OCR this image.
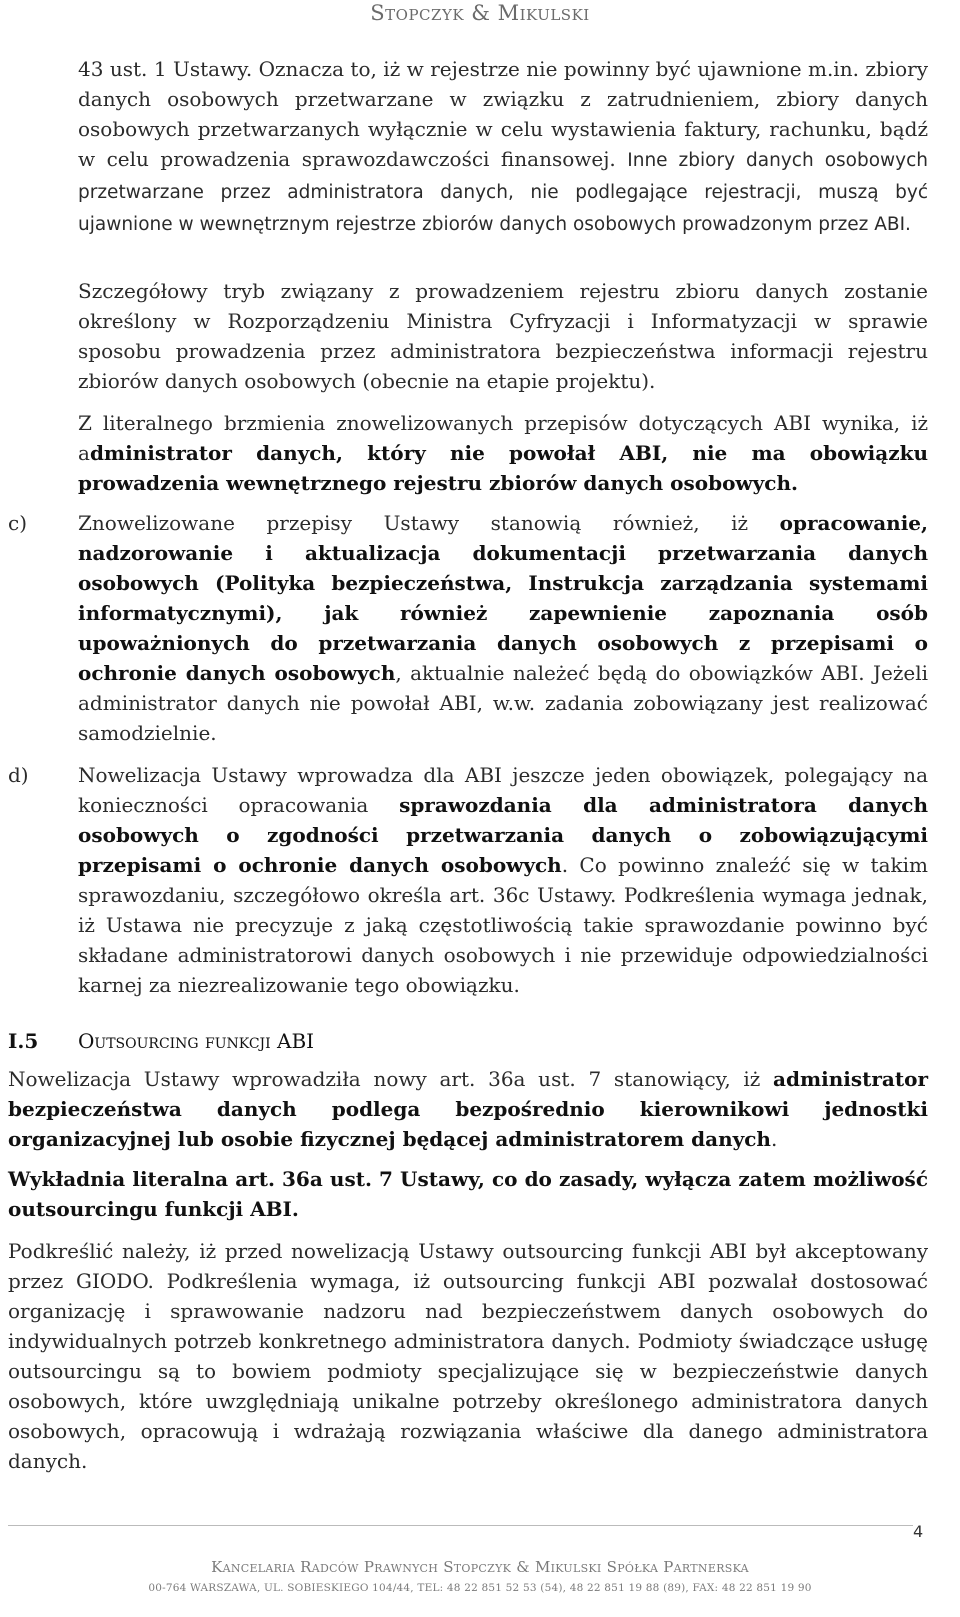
Stopczyk & Mikulski
43 ust. 1 Ustawy. Oznacza to, iż w rejestrze nie powinny być ujawnione m.in. zbiory danych osobowych przetwarzane w związku z zatrudnieniem, zbiory danych osobowych przetwarzanych wyłącznie w celu wystawienia faktury, rachunku, bądź w celu prowadzenia sprawozdawczości finansowej. Inne zbiory danych osobowych przetwarzane przez administratora danych, nie podlegające rejestracji, muszą być ujawnione w wewnętrznym rejestrze zbiorów danych osobowych prowadzonym przez ABI.
Szczegółowy tryb związany z prowadzeniem rejestru zbioru danych zostanie określony w Rozporządzeniu Ministra Cyfryzacji i Informatyzacji w sprawie sposobu prowadzenia przez administratora bezpieczeństwa informacji rejestru zbiorów danych osobowych (obecnie na etapie projektu).
Z literalnego brzmienia znowelizowanych przepisów dotyczących ABI wynika, iż administrator danych, który nie powołał ABI, nie ma obowiązku prowadzenia wewnętrznego rejestru zbiorów danych osobowych.
c)	Znowelizowane przepisy Ustawy stanowią również, iż opracowanie, nadzorowanie i aktualizacja dokumentacji przetwarzania danych osobowych (Polityka bezpieczeństwa, Instrukcja zarządzania systemami informatycznymi), jak również zapewnienie zapoznania osób upoważnionych do przetwarzania danych osobowych z przepisami o ochronie danych osobowych, aktualnie należeć będą do obowiązków ABI. Jeżeli administrator danych nie powołał ABI, w.w. zadania zobowiązany jest realizować samodzielnie.
d) Nowelizacja Ustawy wprowadza dla ABI jeszcze jeden obowiązek, polegający na konieczności opracowania sprawozdania dla administratora danych osobowych o zgodności przetwarzania danych o zobowiązującymi przepisami o ochronie danych osobowych. Co powinno znaleźć się w takim sprawozdaniu, szczegółowo określa art. 36c Ustawy. Podkreślenia wymaga jednak, iż Ustawa nie precyzuje z jaką częstotliwością takie sprawozdanie powinno być składane administratorowi danych osobowych i nie przewiduje odpowiedzialności karnej za niezrealizowanie tego obowiązku.
I.5 Outsourcing funkcji ABI
Nowelizacja Ustawy wprowadziła nowy art. 36a ust. 7 stanowiący, iż administrator bezpieczeństwa danych podlega bezpośrednio kierownikowi jednostki organizacyjnej lub osobie fizycznej będącej administratorem danych.
Wykładnia literalna art. 36a ust. 7 Ustawy, co do zasady, wyłącza zatem możliwość outsourcingu funkcji ABI.
Podkreślić należy, iż przed nowelizacją Ustawy outsourcing funkcji ABI był akceptowany przez GIODO. Podkreślenia wymaga, iż outsourcing funkcji ABI pozwalał dostosować organizację i sprawowanie nadzoru nad bezpieczeństwem danych osobowych do indywidualnych potrzeb konkretnego administratora danych. Podmioty świadczące usługę outsourcingu są to bowiem podmioty specjalizujące się w bezpieczeństwie danych osobowych, które uwzględniają unikalne potrzeby określonego administratora danych osobowych, opracowują i wdrażają rozwiązania właściwe dla danego administratora danych.
4
Kancelaria Radców Prawnych Stopczyk & Mikulski Spółka Partnerska
00-764 WARSZAWA, UL. SOBIESKIEGO 104/44, TEL: 48 22 851 52 53 (54), 48 22 851 19 88 (89), FAX: 48 22 851 19 90
